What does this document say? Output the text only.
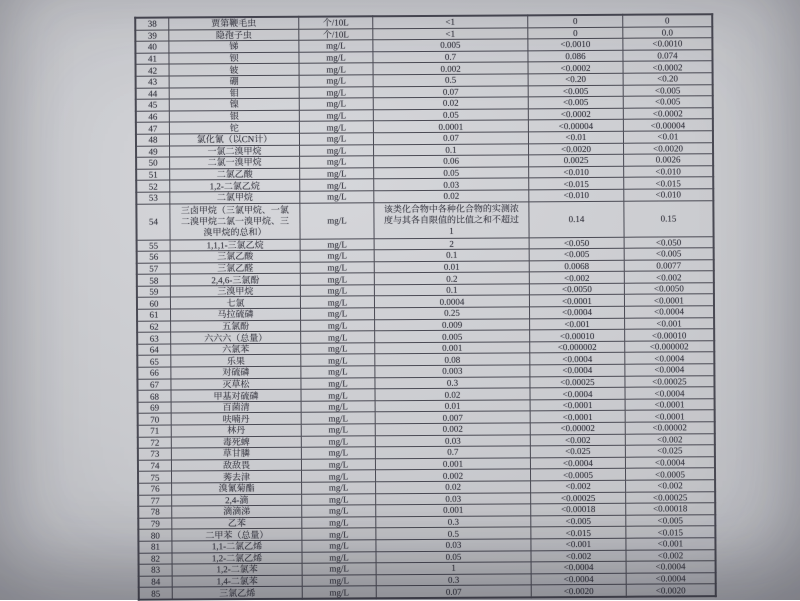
38	贾第鞭毛虫	个/10L	<1	0	0
39	隐孢子虫	个/10L	<1	0	0.0
40	锑	mg/L	0.005	<0.0010	<0.0010
41	钡	mg/L	0.7	0.086	0.074
42	铍	mg/L	0.002	<0.0002	<0.0002
43	硼	mg/L	0.5	<0.20	<0.20
44	钼	mg/L	0.07	<0.005	<0.005
45	镍	mg/L	0.02	<0.005	<0.005
46	银	mg/L	0.05	<0.0002	<0.0002
47	铊	mg/L	0.0001	<0.00004	<0.00004
48	氯化氰（以CN计）	mg/L	0.07	<0.01	<0.01
49	一氯二溴甲烷	mg/L	0.1	<0.0020	<0.0020
50	二氯一溴甲烷	mg/L	0.06	0.0025	0.0026
51	二氯乙酸	mg/L	0.05	<0.010	<0.010
52	1,2-二氯乙烷	mg/L	0.03	<0.015	<0.015
53	二氯甲烷	mg/L	0.02	<0.010	<0.010
54	三卤甲烷（三氯甲烷、一氯
二溴甲烷二氯一溴甲烷、三
溴甲烷的总和）	mg/L	该类化合物中各种化合物的实测浓
度与其各自限值的比值之和不超过
1	0.14	0.15
55	1,1,1-三氯乙烷	mg/L	2	<0.050	<0.050
56	三氯乙酸	mg/L	0.1	<0.005	<0.005
57	三氯乙醛	mg/L	0.01	0.0068	0.0077
58	2,4,6-三氯酚	mg/L	0.2	<0.002	<0.002
59	三溴甲烷	mg/L	0.1	<0.0050	<0.0050
60	七氯	mg/L	0.0004	<0.0001	<0.0001
61	马拉硫磷	mg/L	0.25	<0.0004	<0.0004
62	五氯酚	mg/L	0.009	<0.001	<0.001
63	六六六（总量）	mg/L	0.005	<0.00010	<0.00010
64	六氯苯	mg/L	0.001	<0.000002	<0.000002
65	乐果	mg/L	0.08	<0.0004	<0.0004
66	对硫磷	mg/L	0.003	<0.0004	<0.0004
67	灭草松	mg/L	0.3	<0.00025	<0.00025
68	甲基对硫磷	mg/L	0.02	<0.0004	<0.0004
69	百菌清	mg/L	0.01	<0.0001	<0.0001
70	呋喃丹	mg/L	0.007	<0.0001	<0.0001
71	林丹	mg/L	0.002	<0.00002	<0.00002
72	毒死蜱	mg/L	0.03	<0.002	<0.002
73	草甘膦	mg/L	0.7	<0.025	<0.025
74	敌敌畏	mg/L	0.001	<0.0004	<0.0004
75	莠去津	mg/L	0.002	<0.0005	<0.0005
76	溴氰菊酯	mg/L	0.02	<0.002	<0.002
77	2,4-滴	mg/L	0.03	<0.00025	<0.00025
78	滴滴涕	mg/L	0.001	<0.00018	<0.00018
79	乙苯	mg/L	0.3	<0.005	<0.005
80	二甲苯（总量）	mg/L	0.5	<0.015	<0.015
81	1,1-二氯乙烯	mg/L	0.03	<0.001	<0.001
82	1,2-二氯乙烯	mg/L	0.05	<0.002	<0.002
83	1,2-二氯苯	mg/L	1	<0.0004	<0.0004
84	1,4-二氯苯	mg/L	0.3	<0.0004	<0.0004
85	三氯乙烯	mg/L	0.07	<0.0020	<0.0020
